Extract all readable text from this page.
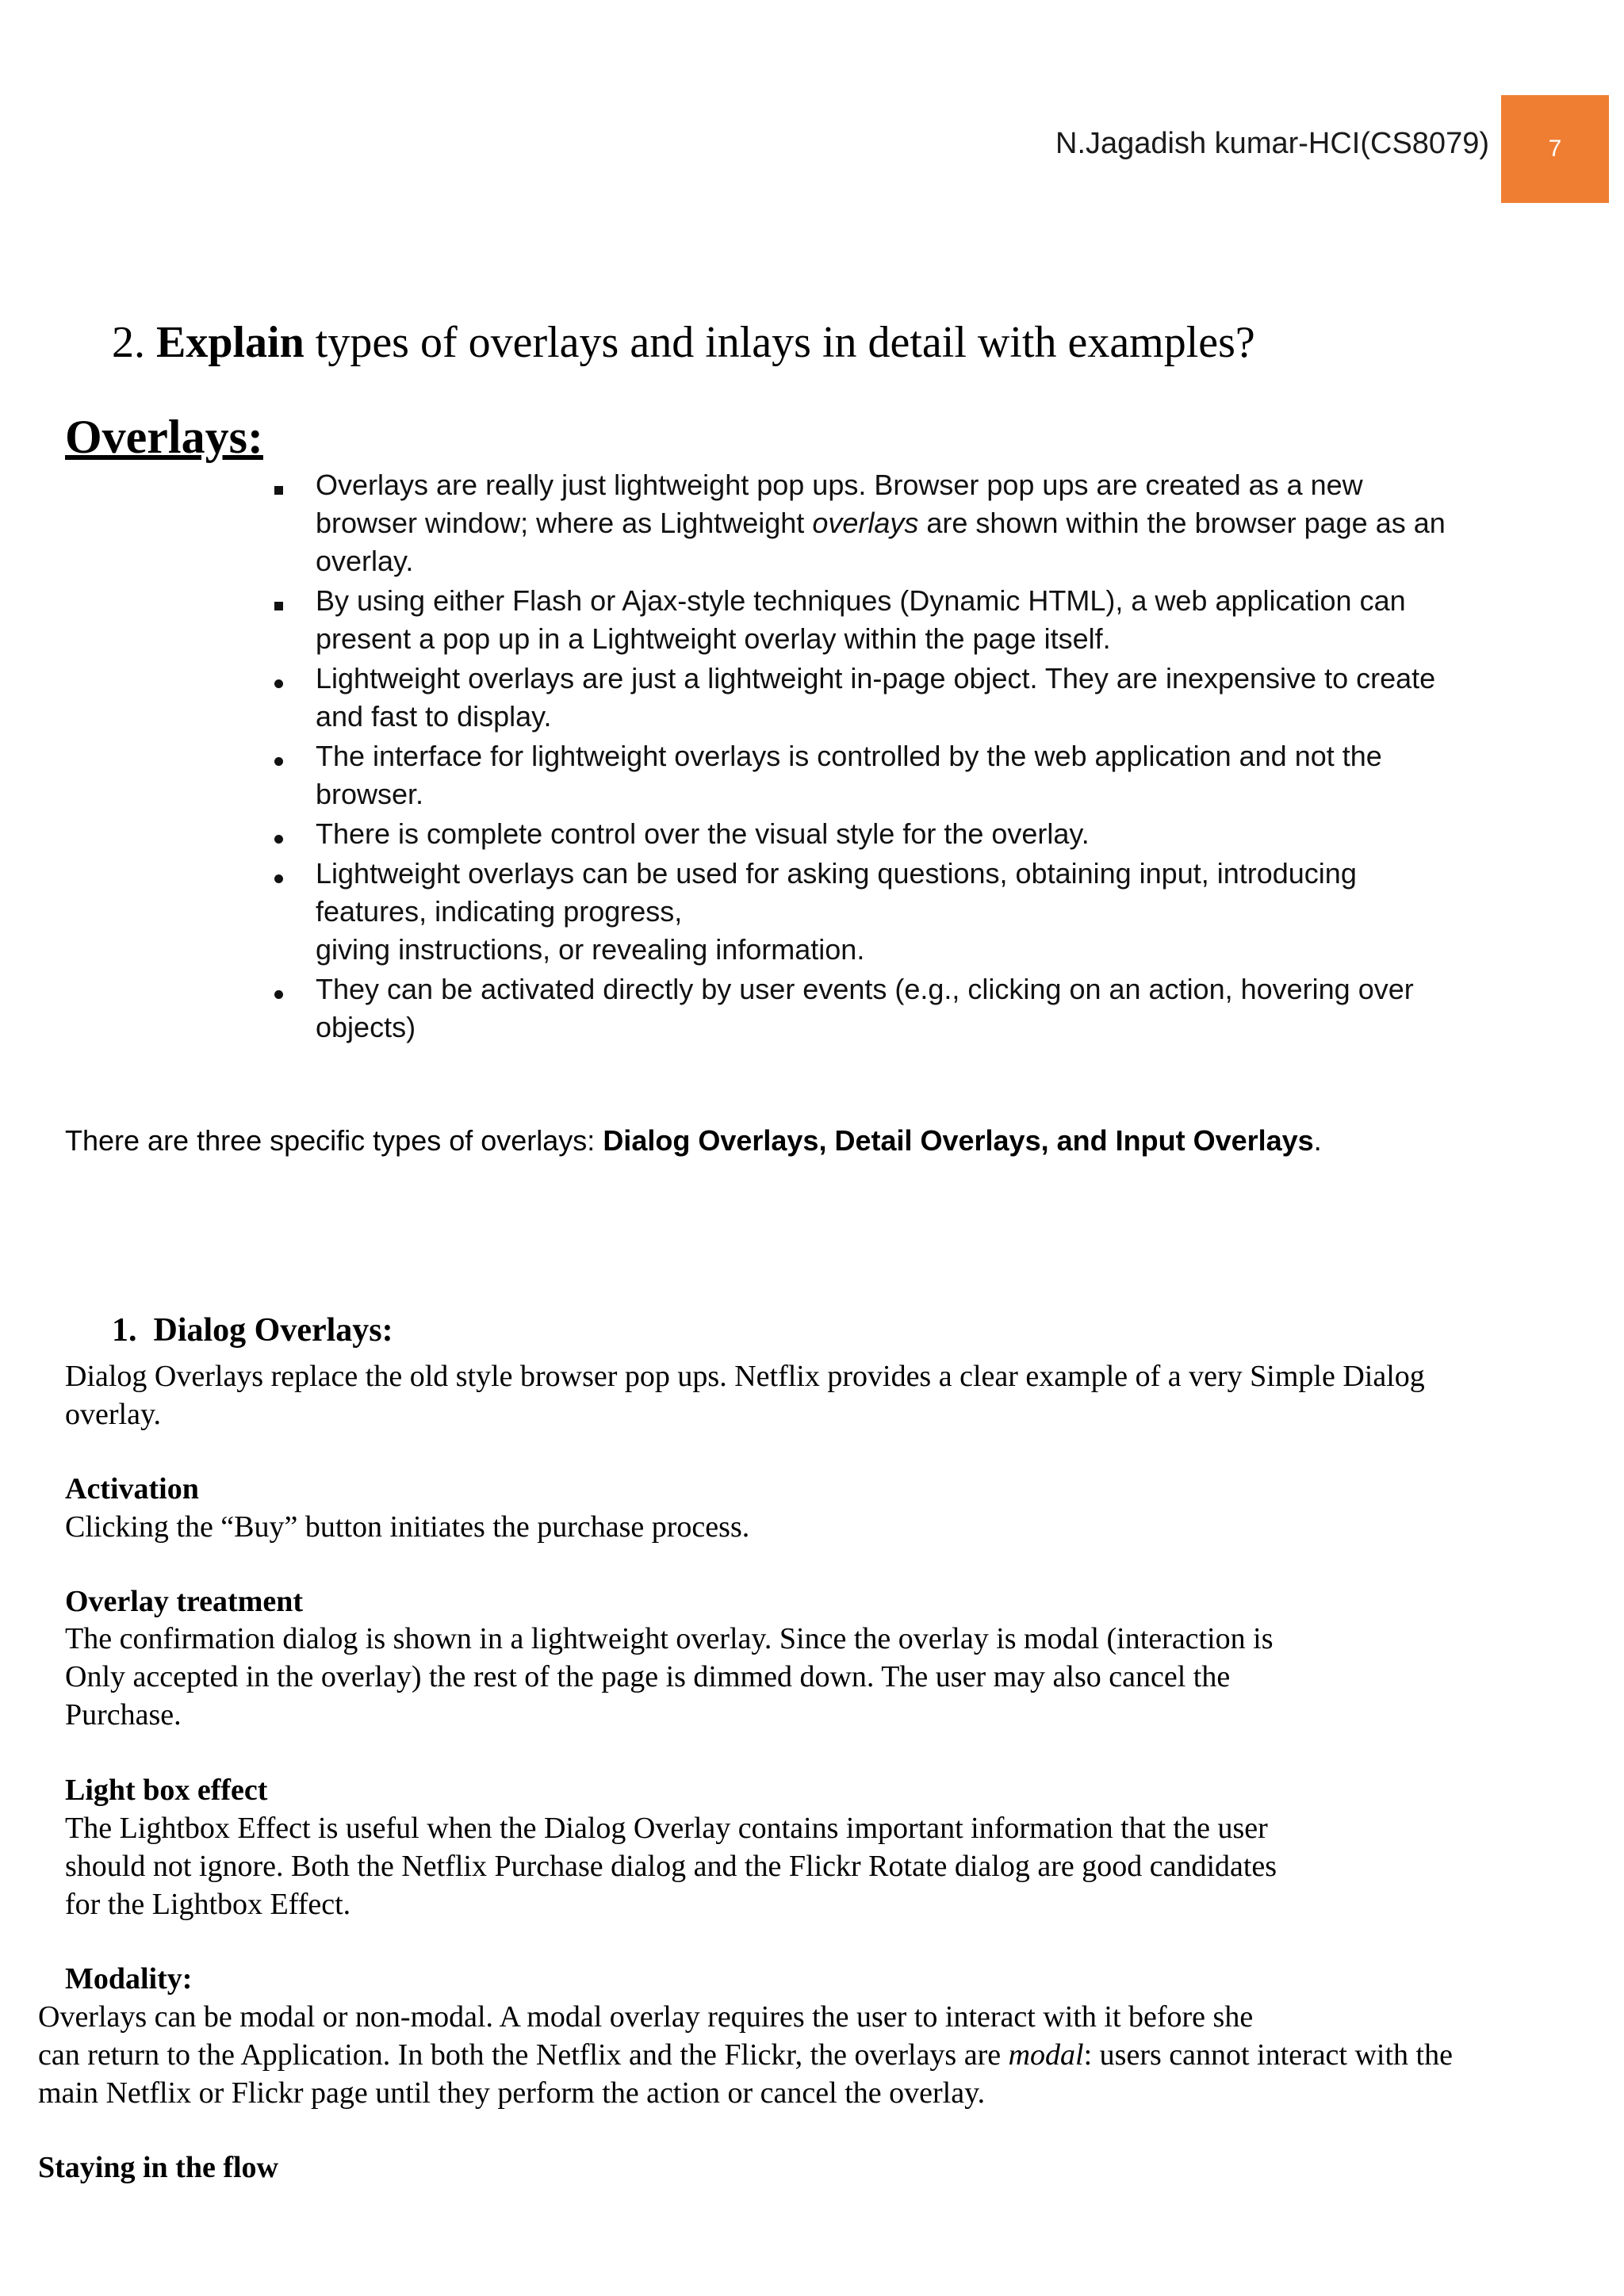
N.Jagadish kumar-HCI(CS8079) 7
2. Explain types of overlays and inlays in detail with examples?
Overlays:
Overlays are really just lightweight pop ups. Browser pop ups are created as a new
browser window; where as Lightweight overlays are shown within the browser page as an
overlay.
By using either Flash or Ajax-style techniques (Dynamic HTML), a web application can
present a pop up in a Lightweight overlay within the page itself.
Lightweight overlays are just a lightweight in-page object. They are inexpensive to create
and fast to display.
The interface for lightweight overlays is controlled by the web application and not the
browser.
There is complete control over the visual style for the overlay.
Lightweight overlays can be used for asking questions, obtaining input, introducing
features, indicating progress,
giving instructions, or revealing information.
They can be activated directly by user events (e.g., clicking on an action, hovering over
objects)
There are three specific types of overlays: Dialog Overlays, Detail Overlays, and Input Overlays.
1. Dialog Overlays:
Dialog Overlays replace the old style browser pop ups. Netflix provides a clear example of a very Simple Dialog
overlay.
Activation
Clicking the “Buy” button initiates the purchase process.
Overlay treatment
The confirmation dialog is shown in a lightweight overlay. Since the overlay is modal (interaction is
Only accepted in the overlay) the rest of the page is dimmed down. The user may also cancel the
Purchase.
Light box effect
The Lightbox Effect is useful when the Dialog Overlay contains important information that the user
should not ignore. Both the Netflix Purchase dialog and the Flickr Rotate dialog are good candidates
for the Lightbox Effect.
Modality:
Overlays can be modal or non-modal. A modal overlay requires the user to interact with it before she
can return to the Application. In both the Netflix and the Flickr, the overlays are modal: users cannot interact with the
main Netflix or Flickr page until they perform the action or cancel the overlay.
Staying in the flow
